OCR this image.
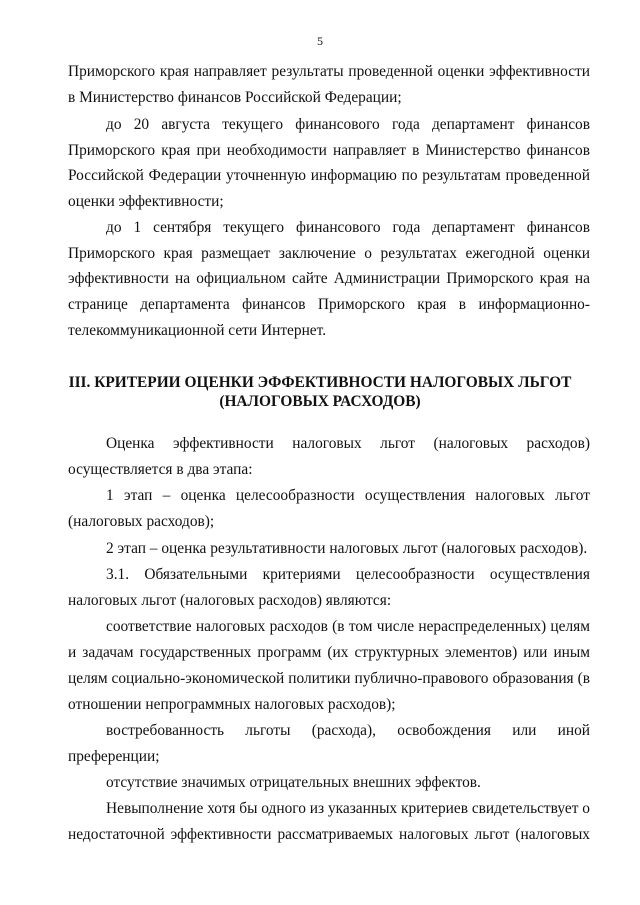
5
Приморского края направляет результаты проведенной оценки эффективности
в Министерство финансов Российской Федерации;
до 20 августа текущего финансового года департамент финансов
Приморского края при необходимости направляет в Министерство финансов
Российской Федерации уточненную информацию по результатам проведенной
оценки эффективности;
до 1 сентября текущего финансового года департамент финансов
Приморского края размещает заключение о результатах ежегодной оценки
эффективности на официальном сайте Администрации Приморского края на
странице департамента финансов Приморского края в информационно-
телекоммуникационной сети Интернет.
III. КРИТЕРИИ ОЦЕНКИ ЭФФЕКТИВНОСТИ НАЛОГОВЫХ ЛЬГОТ
(НАЛОГОВЫХ РАСХОДОВ)
Оценка эффективности налоговых льгот (налоговых расходов)
осуществляется в два этапа:
1 этап – оценка целесообразности осуществления налоговых льгот
(налоговых расходов);
2 этап – оценка результативности налоговых льгот (налоговых расходов).
3.1. Обязательными критериями целесообразности осуществления
налоговых льгот (налоговых расходов) являются:
соответствие налоговых расходов (в том числе нераспределенных) целям
и задачам государственных программ (их структурных элементов) или иным
целям социально-экономической политики публично-правового образования (в
отношении непрограммных налоговых расходов);
востребованность льготы (расхода), освобождения или иной
преференции;
отсутствие значимых отрицательных внешних эффектов.
Невыполнение хотя бы одного из указанных критериев свидетельствует о
недостаточной эффективности рассматриваемых налоговых льгот (налоговых
